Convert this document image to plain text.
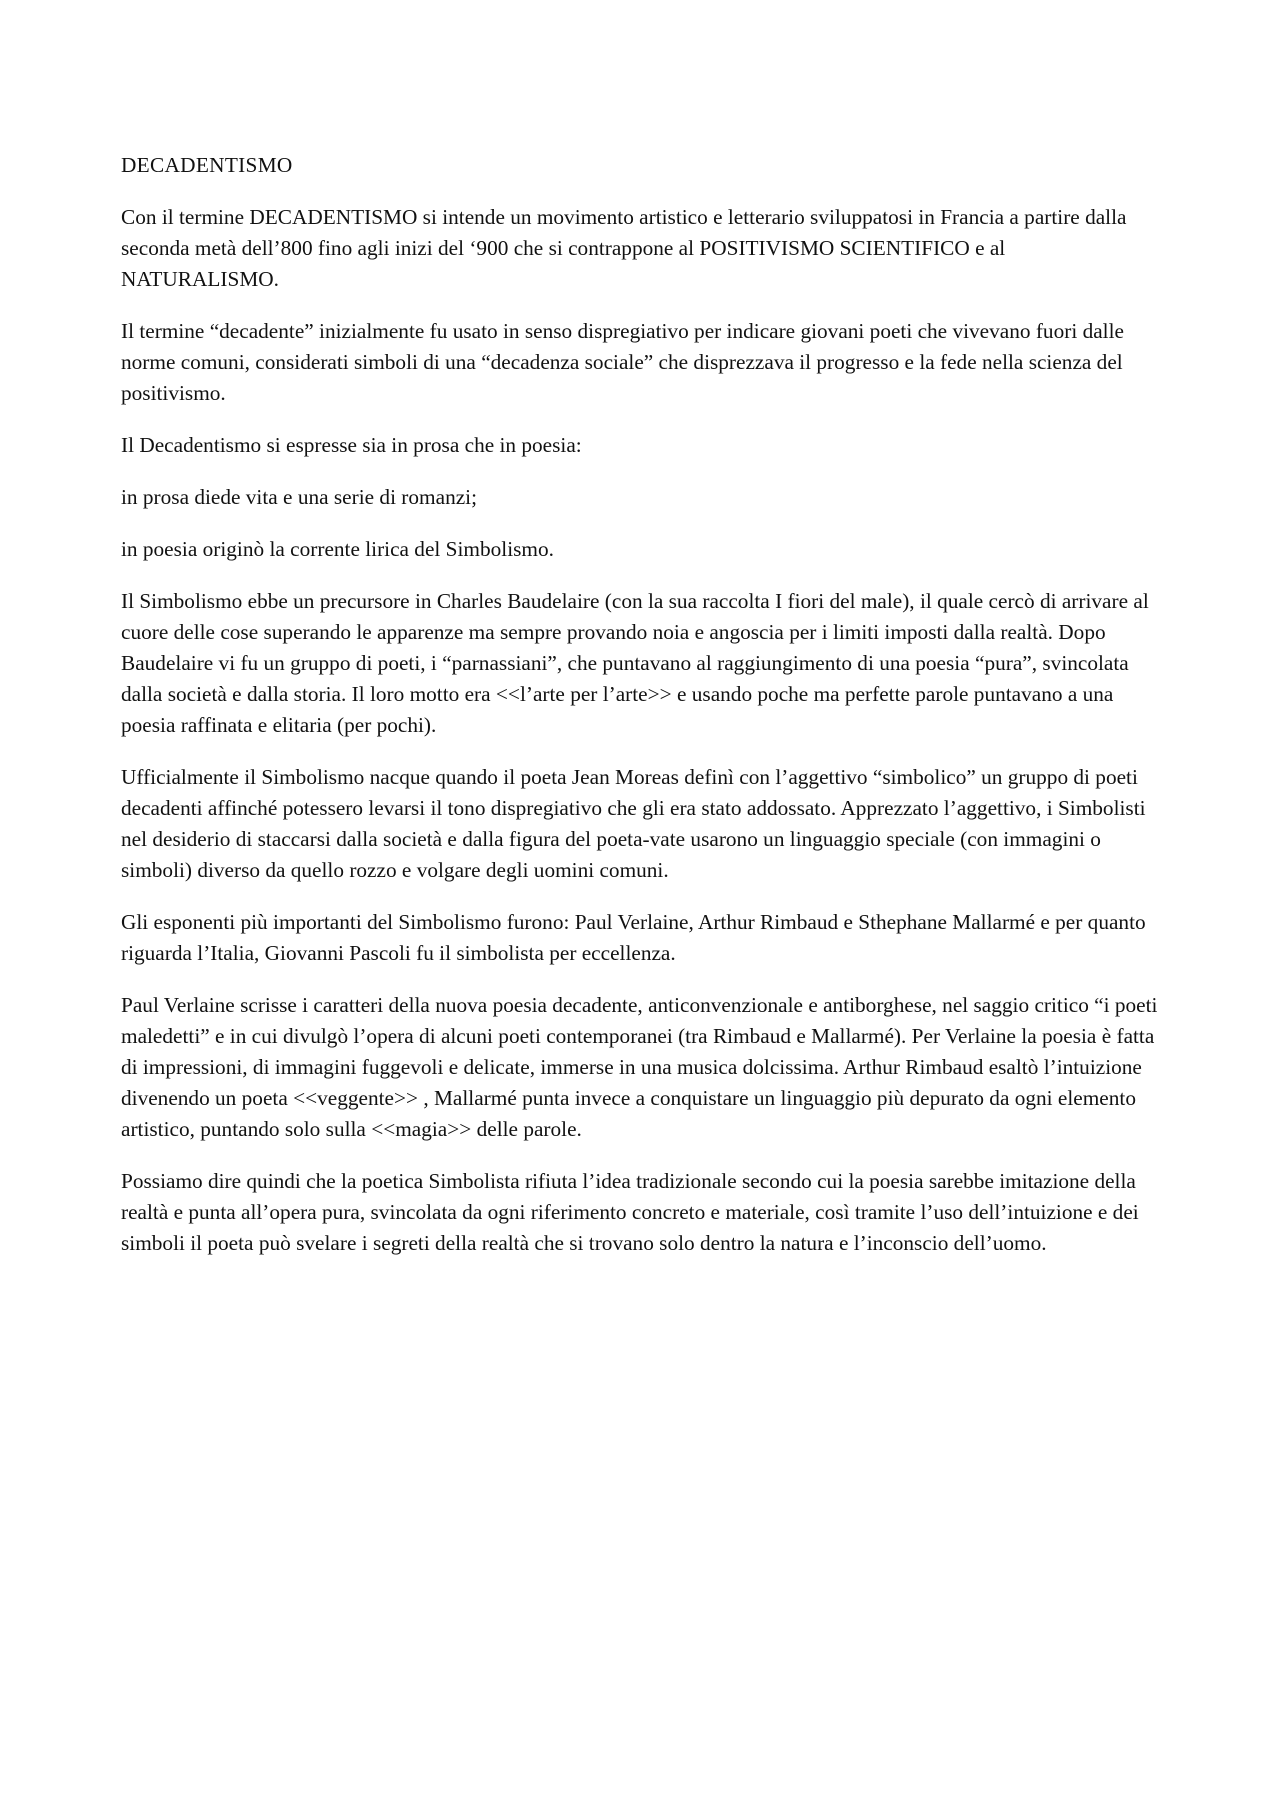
DECADENTISMO

Con il termine DECADENTISMO si intende un movimento artistico e letterario sviluppatosi in Francia a partire dalla seconda metà dell’800 fino agli inizi del ‘900 che si contrappone al POSITIVISMO SCIENTIFICO e al NATURALISMO.

Il termine “decadente” inizialmente fu usato in senso dispregiativo per indicare giovani poeti che vivevano fuori dalle norme comuni, considerati simboli di una “decadenza sociale” che disprezzava il progresso e la fede nella scienza del positivismo.

Il Decadentismo si espresse sia in prosa che in poesia:

in prosa diede vita e una serie di romanzi;

in poesia originò la corrente lirica del Simbolismo.

Il Simbolismo ebbe un precursore in Charles Baudelaire (con la sua raccolta I fiori del male), il quale cercò di arrivare al cuore delle cose superando le apparenze ma sempre provando noia e angoscia per i limiti imposti dalla realtà. Dopo Baudelaire vi fu un gruppo di poeti, i “parnassiani”, che puntavano al raggiungimento di una poesia “pura”, svincolata dalla società e dalla storia. Il loro motto era <<l’arte per l’arte>> e usando poche ma perfette parole puntavano a una poesia raffinata e elitaria (per pochi).

Ufficialmente il Simbolismo nacque quando il poeta Jean Moreas definì con l’aggettivo “simbolico” un gruppo di poeti decadenti affinché potessero levarsi il tono dispregiativo che gli era stato addossato. Apprezzato l’aggettivo, i Simbolisti nel desiderio di staccarsi dalla società e dalla figura del poeta-vate usarono un linguaggio speciale (con immagini o simboli) diverso da quello rozzo e volgare degli uomini comuni.

Gli esponenti più importanti del Simbolismo furono: Paul Verlaine, Arthur Rimbaud e Sthephane Mallarmé e per quanto riguarda l’Italia, Giovanni Pascoli fu il simbolista per eccellenza.

Paul Verlaine scrisse i caratteri della nuova poesia decadente, anticonvenzionale e antiborghese, nel saggio critico “i poeti maledetti” e in cui divulgò l’opera di alcuni poeti contemporanei (tra Rimbaud e Mallarmé). Per Verlaine la poesia è fatta di impressioni, di immagini fuggevoli e delicate, immerse in una musica dolcissima. Arthur Rimbaud esaltò l’intuizione divenendo un poeta <<veggente>> , Mallarmé punta invece a conquistare un linguaggio più depurato da ogni elemento artistico, puntando solo sulla <<magia>> delle parole.

Possiamo dire quindi che la poetica Simbolista rifiuta l’idea tradizionale secondo cui la poesia sarebbe imitazione della realtà e punta all’opera pura, svincolata da ogni riferimento concreto e materiale, così tramite l’uso dell’intuizione e dei simboli il poeta può svelare i segreti della realtà che si trovano solo dentro la natura e l’inconscio dell’uomo.
